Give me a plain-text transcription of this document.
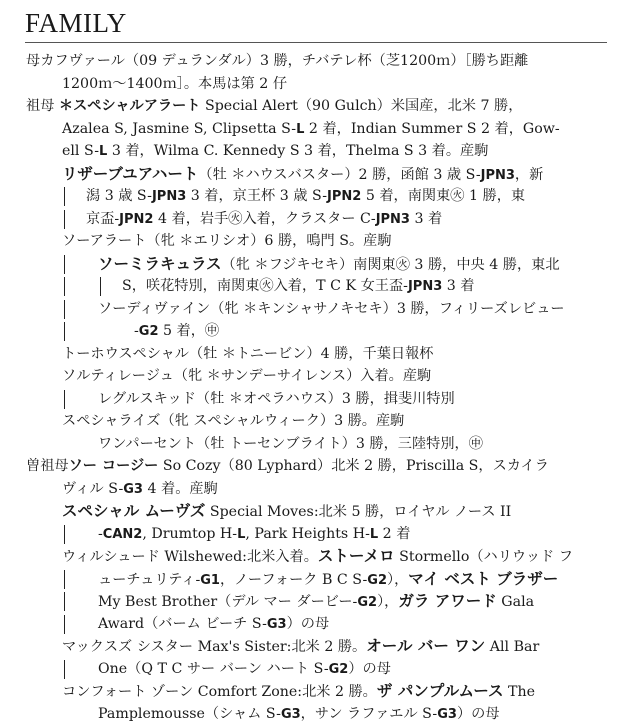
FAMILY
母カフヴァール（09 デュランダル）3 勝，チバテレ杯（芝1200ｍ）［勝ち距離
1200ｍ〜1400ｍ］。本馬は第 2 仔
祖母 ＊スペシャルアラート Special Alert（90 Gulch）米国産，北米 7 勝，
Azalea S, Jasmine S, Clipsetta S-L 2 着，Indian Summer S 2 着，Gow-
ell S-L 3 着，Wilma C. Kennedy S 3 着，Thelma S 3 着。産駒
リザーブユアハート（牡 ＊ハウスバスター）2 勝，函館 3 歳 S-JPN3，新
潟 3 歳 S-JPN3 3 着，京王杯 3 歳 S-JPN2 5 着，南関東㊋ 1 勝，東
京盃-JPN2 4 着，岩手㊋入着，クラスター C-JPN3 3 着
ソーアラート（牝 ＊エリシオ）6 勝，鳴門 S。産駒
ソーミラキュラス（牝 ＊フジキセキ）南関東㊋ 3 勝，中央 4 勝，東北
S，咲花特別，南関東㊋入着，T C K 女王盃-JPN3 3 着
ソーディヴァイン（牝 ＊キンシャサノキセキ）3 勝，フィリーズレビュー
-G2 5 着，㊥
トーホウスペシャル（牡 ＊トニービン）4 勝，千葉日報杯
ソルティレージュ（牝 ＊サンデーサイレンス）入着。産駒
レグルスキッド（牡 ＊オペラハウス）3 勝，揖斐川特別
スペシャライズ（牝 スペシャルウィーク）3 勝。産駒
ワンパーセント（牡 トーセンブライト）3 勝，三陸特別，㊥
曽祖母ソー コージー So Cozy（80 Lyphard）北米 2 勝，Priscilla S，スカイラ
ヴィル S-G3 4 着。産駒
スペシャル ムーヴズ Special Moves:北米 5 勝，ロイヤル ノース II
-CAN2, Drumtop H-L, Park Heights H-L 2 着
ウィルシュード Wilshewed:北米入着。ストーメロ Stormello（ハリウッド フ
ューチュリティ-G1，ノーフォーク B C S-G2），マイ ベスト ブラザー
My Best Brother（デル マー ダービー-G2），ガラ アワード Gala
Award（バーム ビーチ S-G3）の母
マックスズ シスター Max's Sister:北米 2 勝。オール バー ワン All Bar
One（Q T C サー バーン ハート S-G2）の母
コンフォート ゾーン Comfort Zone:北米 2 勝。ザ パンプルムース The
Pamplemousse（シャム S-G3，サン ラファエル S-G3）の母
